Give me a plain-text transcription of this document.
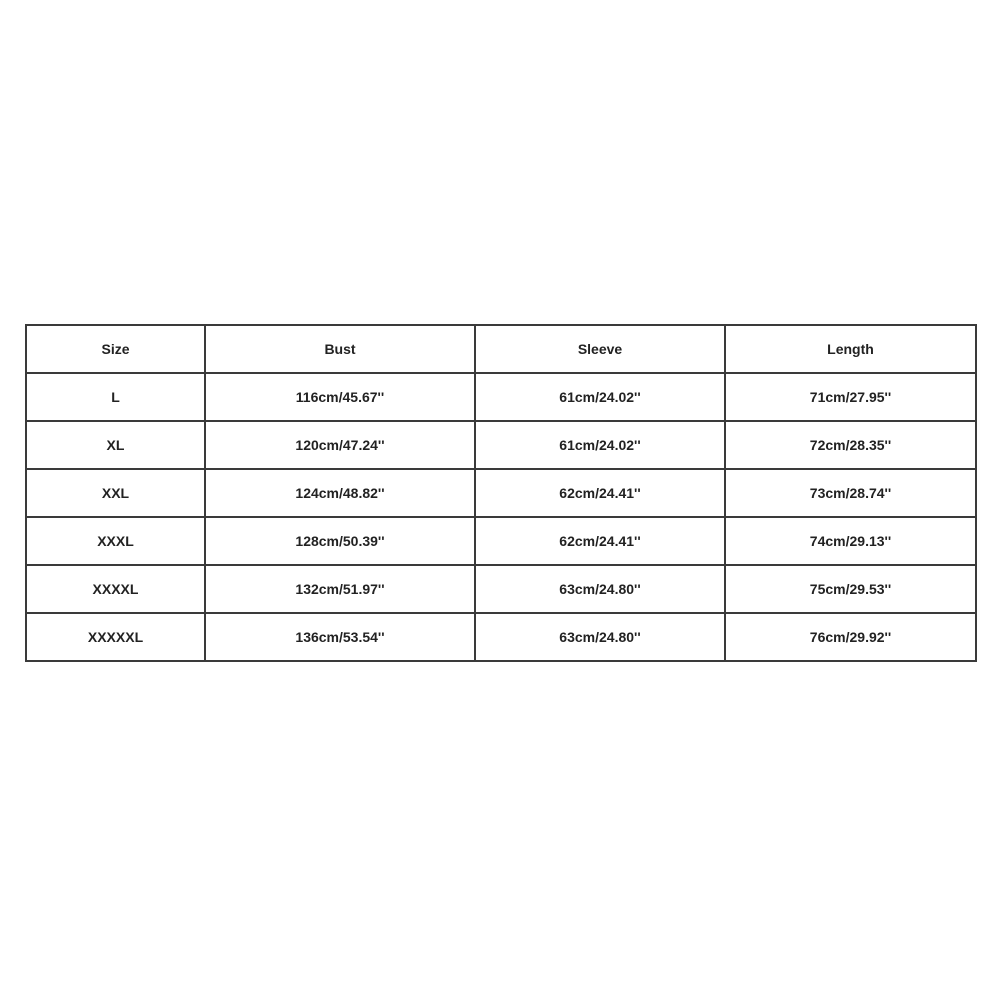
Size	Bust	Sleeve	Length
L	116cm/45.67''	61cm/24.02''	71cm/27.95''
XL	120cm/47.24''	61cm/24.02''	72cm/28.35''
XXL	124cm/48.82''	62cm/24.41''	73cm/28.74''
XXXL	128cm/50.39''	62cm/24.41''	74cm/29.13''
XXXXL	132cm/51.97''	63cm/24.80''	75cm/29.53''
XXXXXL	136cm/53.54''	63cm/24.80''	76cm/29.92''
